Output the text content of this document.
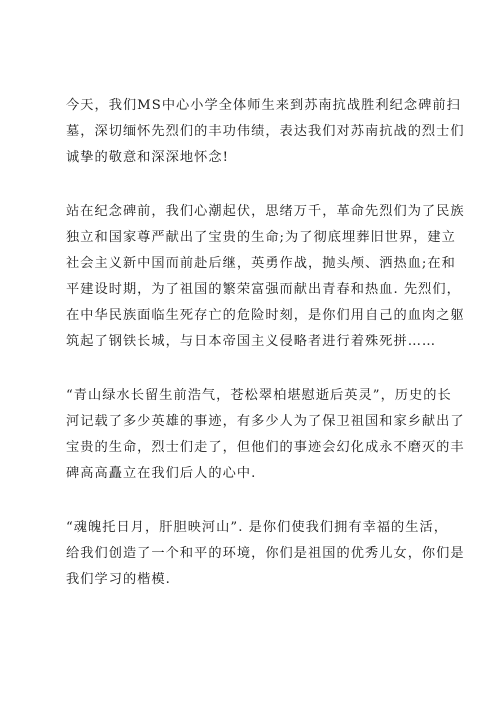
今天，我们MS中心小学全体师生来到苏南抗战胜利纪念碑前扫
墓，深切缅怀先烈们的丰功伟绩，表达我们对苏南抗战的烈士们
诚挚的敬意和深深地怀念!

站在纪念碑前，我们心潮起伏，思绪万千，革命先烈们为了民族
独立和国家尊严献出了宝贵的生命;为了彻底埋葬旧世界，建立
社会主义新中国而前赴后继，英勇作战，抛头颅、洒热血;在和
平建设时期，为了祖国的繁荣富强而献出青春和热血. 先烈们，
在中华民族面临生死存亡的危险时刻，是你们用自己的血肉之躯
筑起了钢铁长城，与日本帝国主义侵略者进行着殊死拼……

“青山绿水长留生前浩气，苍松翠柏堪慰逝后英灵”，历史的长
河记载了多少英雄的事迹，有多少人为了保卫祖国和家乡献出了
宝贵的生命，烈士们走了，但他们的事迹会幻化成永不磨灭的丰
碑高高矗立在我们后人的心中.

“魂魄托日月，肝胆映河山”. 是你们使我们拥有幸福的生活，
给我们创造了一个和平的环境，你们是祖国的优秀儿女，你们是
我们学习的楷模.
